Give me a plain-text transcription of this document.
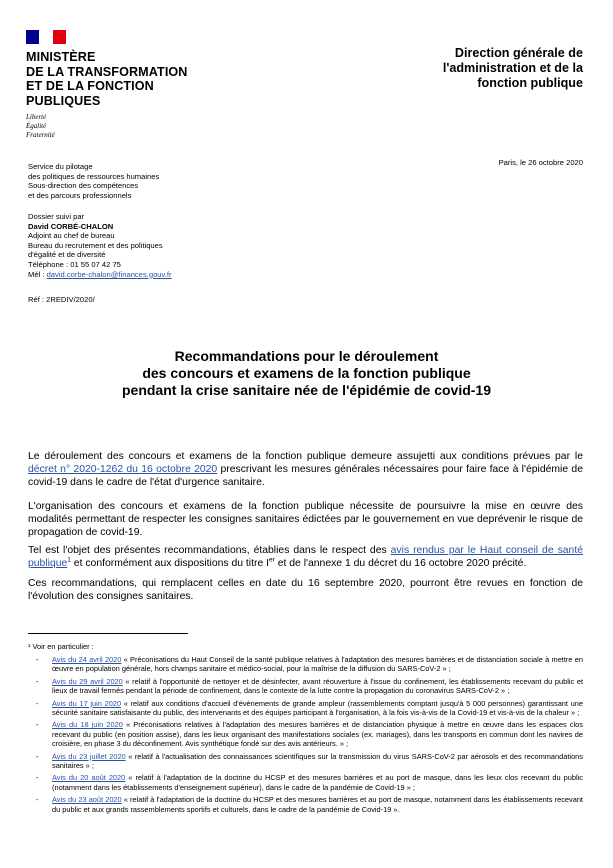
MINISTÈRE
DE LA TRANSFORMATION
ET DE LA FONCTION
PUBLIQUES
Liberté
Égalité
Fraternité
Direction générale de
l'administration et de la
fonction publique
Service du pilotage
des politiques de ressources humaines
Sous-direction des compétences
et des parcours professionnels
Paris, le 26 octobre 2020
Dossier suivi par
David CORBÉ-CHALON
Adjoint au chef de bureau
Bureau du recrutement et des politiques
d'égalité et de diversité
Téléphone : 01 55 07 42 75
Mél : david.corbe-chalon@finances.gouv.fr
Réf : 2REDIV/2020/
Recommandations pour le déroulement
des concours et examens de la fonction publique
pendant la crise sanitaire née de l'épidémie de covid-19
Le déroulement des concours et examens de la fonction publique demeure assujetti aux conditions prévues par le décret n° 2020-1262 du 16 octobre 2020 prescrivant les mesures générales nécessaires pour faire face à l'épidémie de covid-19 dans le cadre de l'état d'urgence sanitaire.
L'organisation des concours et examens de la fonction publique nécessite de poursuivre la mise en œuvre des modalités permettant de respecter les consignes sanitaires édictées par le gouvernement en vue deprévenir le risque de propagation de covid-19.
Tel est l'objet des présentes recommandations, établies dans le respect des avis rendus par le Haut conseil de santé publique$^1$ et conformément aux dispositions du titre Ier et de l'annexe 1 du décret du 16 octobre 2020 précité.
Ces recommandations, qui remplacent celles en date du 16 septembre 2020, pourront être revues en fonction de l'évolution des consignes sanitaires.
¹ Voir en particulier :
- Avis du 24 avril 2020 « Préconisations du Haut Conseil de la santé publique relatives à l'adaptation des mesures barrières et de distanciation sociale à mettre en œuvre en population générale, hors champs sanitaire et médico-social, pour la maîtrise de la diffusion du SARS-CoV-2 » ;
- Avis du 29 avril 2020 « relatif à l'opportunité de nettoyer et de désinfecter, avant réouverture à l'issue du confinement, les établissements recevant du public et lieux de travail fermés pendant la période de confinement, dans le contexte de la lutte contre la propagation du coronavirus SARS-CoV-2 » ;
- Avis du 17 juin 2020 « relatif aux conditions d'accueil d'évènements de grande ampleur (rassemblements comptant jusqu'à 5 000 personnes) garantissant une sécurité sanitaire satisfaisante du public, des intervenants et des équipes participant à l'organisation, à la fois vis-à-vis de la Covid-19 et vis-à-vis de la chaleur » ;
- Avis du 18 juin 2020 « Préconisations relatives à l'adaptation des mesures barrières et de distanciation physique à mettre en œuvre dans les espaces clos recevant du public (en position assise), dans les lieux organisant des manifestations sociales (ex. mariages), dans les transports en commun dont les navires de croisière, en phase 3 du déconfinement. Avis synthétique fondé sur des avis antérieurs. » ;
- Avis du 23 juillet 2020 « relatif à l'actualisation des connaissances scientifiques sur la transmission du virus SARS-CoV-2 par aérosols et des recommandations sanitaires » ;
- Avis du 20 août 2020 « relatif à l'adaptation de la doctrine du HCSP et des mesures barrières et au port de masque, dans les lieux clos recevant du public (notamment dans les établissements d'enseignement supérieur), dans le cadre de la pandémie de Covid-19 » ;
- Avis du 23 août 2020 « relatif à l'adaptation de la doctrine du HCSP et des mesures barrières et au port de masque, notamment dans les établissements recevant du public et aux grands rassemblements sportifs et culturels, dans le cadre de la pandémie de Covid-19 ».
